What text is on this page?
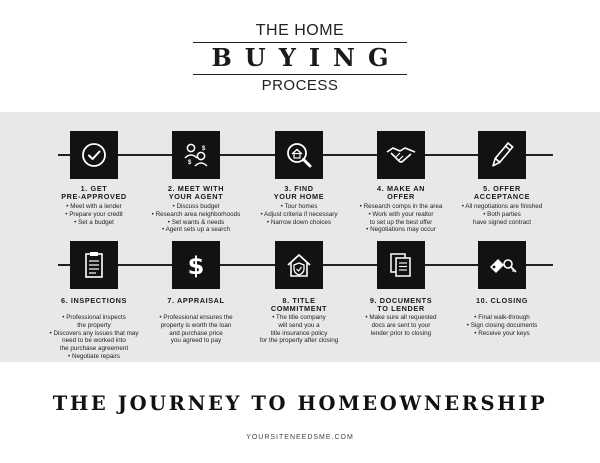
THE HOME
BUYING
PROCESS
$
$
1. GET
PRE-APPROVED
• Meet with a lender
• Prepare your credit
• Set a budget
2. MEET WITH
YOUR AGENT
• Discuss budget
• Research area neighborhoods
• Set wants & needs
• Agent sets up a search
3. FIND
YOUR HOME
• Tour homes
• Adjust criteria if necessary
• Narrow down choices
4. MAKE AN
OFFER
• Research comps in the area
• Work with your realtor
to set up the best offer
• Negotiations may occur
5. OFFER
ACCEPTANCE
• All negotiations are finished
• Both parties
have signed contract
$
6. INSPECTIONS
• Professional inspects
the property
• Discovers any issues that may
need to be worked into
the purchase agreement
• Negotiate repairs
7. APPRAISAL
• Professional ensures the
property is worth the loan
and purchase price
you agreed to pay
8. TITLE
COMMITMENT
• The title company
will send you a
title insurance policy
for the property after closing
9. DOCUMENTS
TO LENDER
• Make sure all requested
docs are sent to your
lender prior to closing
10. CLOSING
• Final walk-through
• Sign closing documents
• Receive your keys
THE JOURNEY TO HOMEOWNERSHIP
YOURSITENEEDSME.COM
